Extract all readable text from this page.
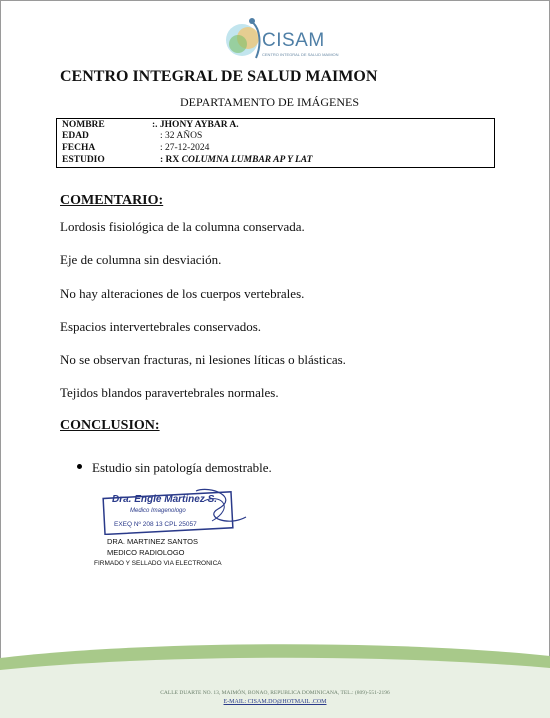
CISAM
CENTRO INTEGRAL DE SALUD MAIMON
CENTRO INTEGRAL DE SALUD MAIMON
DEPARTAMENTO DE IMÁGENES
NOMBRE	:. JHONY AYBAR A.
EDAD	: 32 AÑOS
FECHA	: 27-12-2024
ESTUDIO	: RX COLUMNA LUMBAR AP Y LAT
COMENTARIO:
Lordosis fisiológica de la columna conservada.
Eje de columna sin desviación.
No hay alteraciones de los cuerpos vertebrales.
Espacios intervertebrales conservados.
No se observan fracturas, ni lesiones líticas o blásticas.
Tejidos blandos paravertebrales normales.
CONCLUSION:
Estudio sin patología demostrable.
Dra. Engie Martinez S.
Medico Imagenologo
EXEQ Nº 208 13 CPL 25057
DRA. MARTINEZ SANTOS
MEDICO RADIOLOGO
FIRMADO Y SELLADO VIA ELECTRONICA
CALLE DUARTE NO. 13, MAIMÓN, BONAO, REPUBLICA DOMINICANA, TEL.: (809)-551-2196
E-MAIL: CISAM.DO@HOTMAIL .COM
